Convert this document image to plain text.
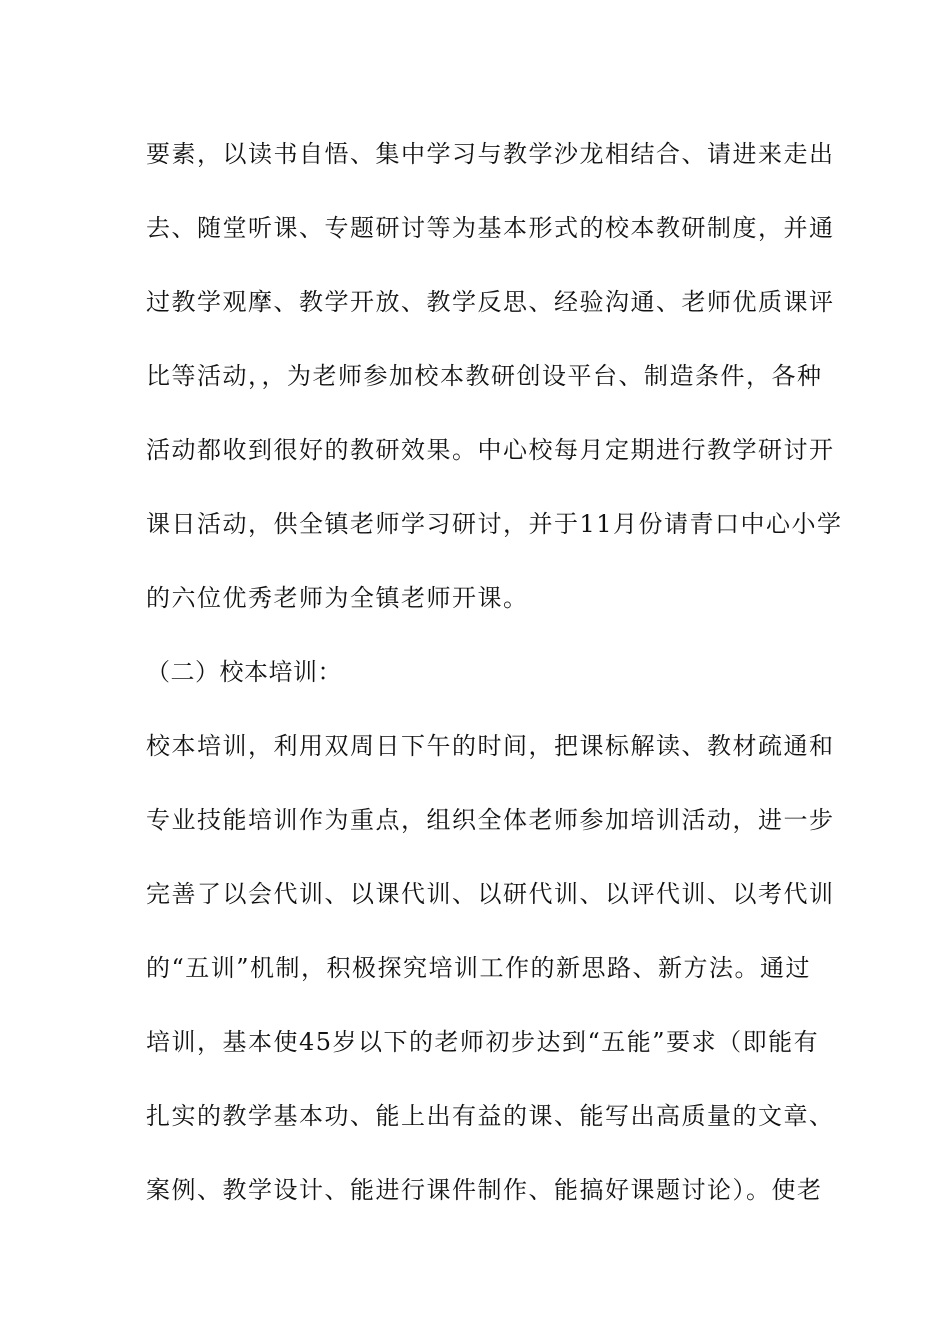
要素，以读书自悟、集中学习与教学沙龙相结合、请进来走出
去、随堂听课、专题研讨等为基本形式的校本教研制度，并通
过教学观摩、教学开放、教学反思、经验沟通、老师优质课评
比等活动，，为老师参加校本教研创设平台、制造条件，各种
活动都收到很好的教研效果。中心校每月定期进行教学研讨开
课日活动，供全镇老师学习研讨，并于11月份请青口中心小学
的六位优秀老师为全镇老师开课。
（二）校本培训：
校本培训，利用双周日下午的时间，把课标解读、教材疏通和
专业技能培训作为重点，组织全体老师参加培训活动，进一步
完善了以会代训、以课代训、以研代训、以评代训、以考代训
的“五训”机制，积极探究培训工作的新思路、新方法。通过
培训，基本使45岁以下的老师初步达到“五能”要求（即能有
扎实的教学基本功、能上出有益的课、能写出高质量的文章、
案例、教学设计、能进行课件制作、能搞好课题讨论）。使老
